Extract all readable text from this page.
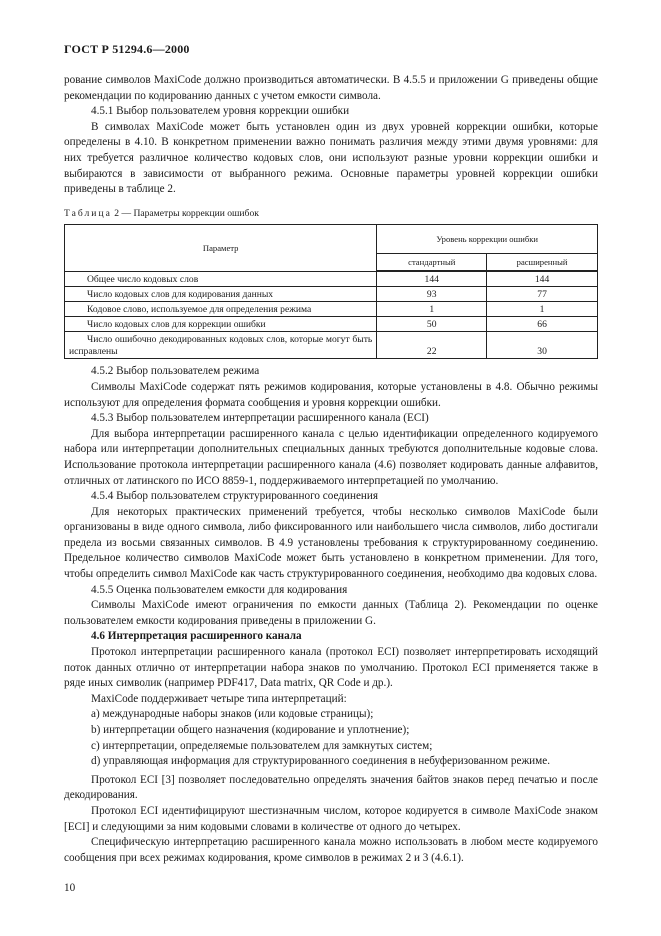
ГОСТ Р 51294.6—2000

рование символов MaxiCode должно производиться автоматически. В 4.5.5 и приложении G приведены общие рекомендации по кодированию данных с учетом емкости символа.

4.5.1 Выбор пользователем уровня коррекции ошибки

В символах MaxiCode может быть установлен один из двух уровней коррекции ошибки, которые определены в 4.10. В конкретном применении важно понимать различия между этими двумя уровнями: для них требуется различное количество кодовых слов, они используют разные уровни коррекции ошибки и выбираются в зависимости от выбранного режима. Основные параметры уровней коррекции ошибки приведены в таблице 2.

Таблица 2 — Параметры коррекции ошибок
Параметр	Уровень коррекции ошибки	
	стандартный	расширенный

Общее число кодовых слов	144	144

Число кодовых слов для кодирования данных	93	77

Кодовое слово, используемое для определения режима	1	1

Число кодовых слов для коррекции ошибки	50	66

Число ошибочно декодированных кодовых слов, которые могут быть исправлены	22	30

4.5.2 Выбор пользователем режима

Символы MaxiCode содержат пять режимов кодирования, которые установлены в 4.8. Обычно режимы используют для определения формата сообщения и уровня коррекции ошибки.

4.5.3 Выбор пользователем интерпретации расширенного канала (ECI)

Для выбора интерпретации расширенного канала с целью идентификации определенного кодируемого набора или интерпретации дополнительных специальных данных требуются дополнительные кодовые слова. Использование протокола интерпретации расширенного канала (4.6) позволяет кодировать данные алфавитов, отличных от латинского по ИСО 8859-1, поддерживаемого интерпретацией по умолчанию.

4.5.4 Выбор пользователем структурированного соединения

Для некоторых практических применений требуется, чтобы несколько символов MaxiCode были организованы в виде одного символа, либо фиксированного или наибольшего числа символов, либо достигали предела из восьми связанных символов. В 4.9 установлены требования к структурированному соединению. Предельное количество символов MaxiCode может быть установлено в конкретном применении. Для того, чтобы определить символ MaxiCode как часть структурированного соединения, необходимо два кодовых слова.

4.5.5 Оценка пользователем емкости для кодирования

Символы MaxiCode имеют ограничения по емкости данных (Таблица 2). Рекомендации по оценке пользователем емкости кодирования приведены в приложении G.

4.6 Интерпретация расширенного канала

Протокол интерпретации расширенного канала (протокол ECI) позволяет интерпретировать исходящий поток данных отлично от интерпретации набора знаков по умолчанию. Протокол ECI применяется также в ряде иных символик (например PDF417, Data matrix, QR Code и др.).

MaxiCode поддерживает четыре типа интерпретаций:

a) международные наборы знаков (или кодовые страницы);

b) интерпретации общего назначения (кодирование и уплотнение);

c) интерпретации, определяемые пользователем для замкнутых систем;

d) управляющая информация для структурированного соединения в небуферизованном режиме.

Протокол ECI [3] позволяет последовательно определять значения байтов знаков перед печатью и после декодирования.

Протокол ECI идентифицируют шестизначным числом, которое кодируется в символе MaxiCode знаком [ECI] и следующими за ним кодовыми словами в количестве от одного до четырех.

Специфическую интерпретацию расширенного канала можно использовать в любом месте кодируемого сообщения при всех режимах кодирования, кроме символов в режимах 2 и 3 (4.6.1).

10
